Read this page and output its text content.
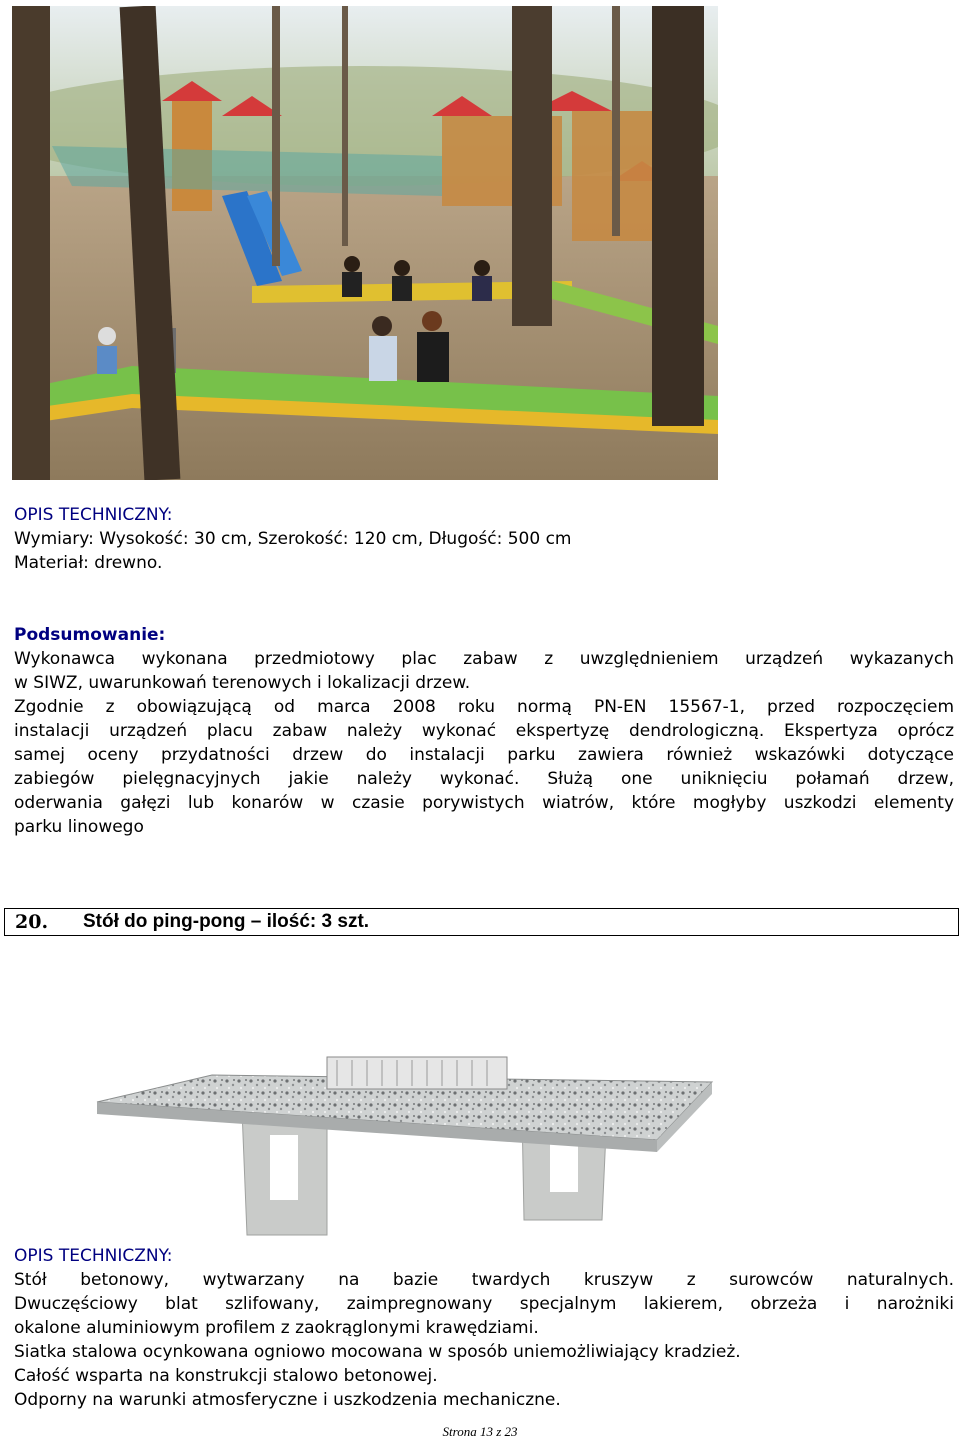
OPIS TECHNICZNY:
Wymiary: Wysokość: 30 cm, Szerokość: 120 cm, Długość: 500 cm
Materiał: drewno.
Podsumowanie:
Wykonawca wykonana przedmiotowy plac zabaw z uwzględnieniem urządzeń wykazanych
w SIWZ, uwarunkowań terenowych i lokalizacji drzew.
Zgodnie z obowiązującą od marca 2008 roku normą PN-EN 15567-1, przed rozpoczęciem
instalacji urządzeń placu zabaw należy wykonać ekspertyzę dendrologiczną. Ekspertyza oprócz
samej oceny przydatności drzew do instalacji parku zawiera również wskazówki dotyczące
zabiegów pielęgnacyjnych jakie należy wykonać. Służą one uniknięciu połamań drzew,
oderwania gałęzi lub konarów w czasie porywistych wiatrów, które mogłyby uszkodzi elementy
parku linowego
20. Stół do ping-pong – ilość: 3 szt.
OPIS TECHNICZNY:
Stół betonowy, wytwarzany na bazie twardych kruszyw z surowców naturalnych.
Dwuczęściowy blat szlifowany, zaimpregnowany specjalnym lakierem, obrzeża i narożniki
okalone aluminiowym profilem z zaokrąglonymi krawędziami.
Siatka stalowa ocynkowana ogniowo mocowana w sposób uniemożliwiający kradzież.
Całość wsparta na konstrukcji stalowo betonowej.
Odporny na warunki atmosferyczne i uszkodzenia mechaniczne.
Strona 13 z 23
